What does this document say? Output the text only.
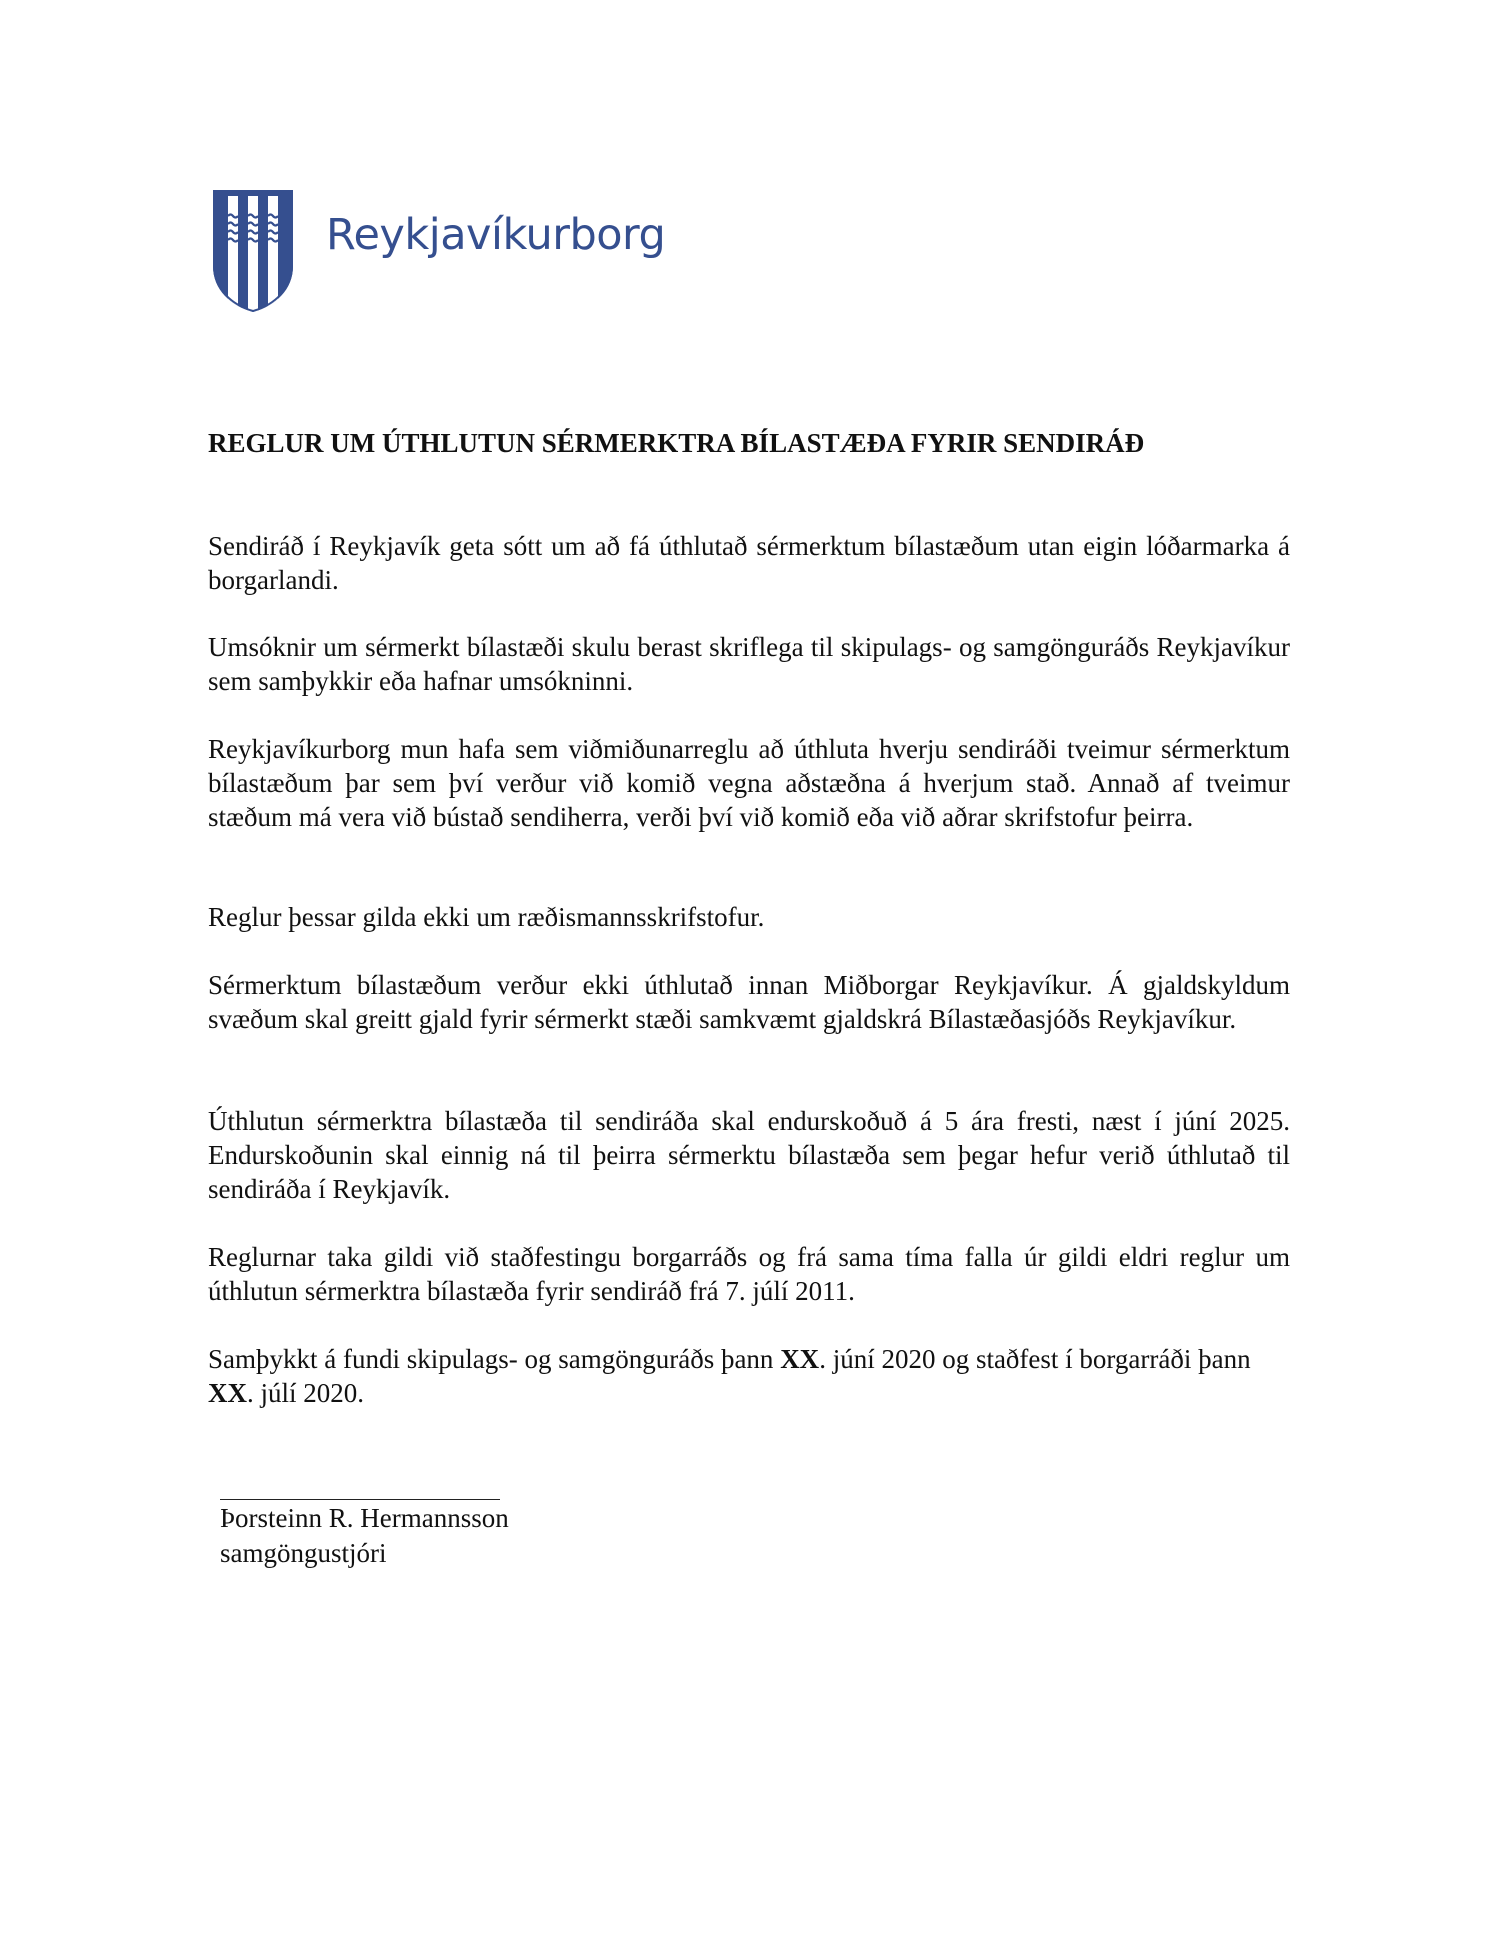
Reykjavíkurborg
REGLUR UM ÚTHLUTUN SÉRMERKTRA BÍLASTÆÐA FYRIR SENDIRÁÐ

Sendiráð í Reykjavík geta sótt um að fá úthlutað sérmerktum bílastæðum utan eigin lóðarmarka á borgarlandi.

Umsóknir um sérmerkt bílastæði skulu berast skriflega til skipulags- og samgönguráðs Reykjavíkur sem samþykkir eða hafnar umsókninni.

Reykjavíkurborg mun hafa sem viðmiðunarreglu að úthluta hverju sendiráði tveimur sérmerktum bílastæðum þar sem því verður við komið vegna aðstæðna á hverjum stað. Annað af tveimur stæðum má vera við bústað sendiherra, verði því við komið eða við aðrar skrifstofur þeirra.

Reglur þessar gilda ekki um ræðismannsskrifstofur.

Sérmerktum bílastæðum verður ekki úthlutað innan Miðborgar Reykjavíkur. Á gjaldskyldum svæðum skal greitt gjald fyrir sérmerkt stæði samkvæmt gjaldskrá Bílastæðasjóðs Reykjavíkur.

Úthlutun sérmerktra bílastæða til sendiráða skal endurskoðuð á 5 ára fresti, næst í júní 2025. Endurskoðunin skal einnig ná til þeirra sérmerktu bílastæða sem þegar hefur verið úthlutað til sendiráða í Reykjavík.

Reglurnar taka gildi við staðfestingu borgarráðs og frá sama tíma falla úr gildi eldri reglur um úthlutun sérmerktra bílastæða fyrir sendiráð frá 7. júlí 2011.

Samþykkt á fundi skipulags- og samgönguráðs þann XX. júní 2020 og staðfest í borgarráði þann XX. júlí 2020.

Þorsteinn R. Hermannsson
samgöngustjóri
